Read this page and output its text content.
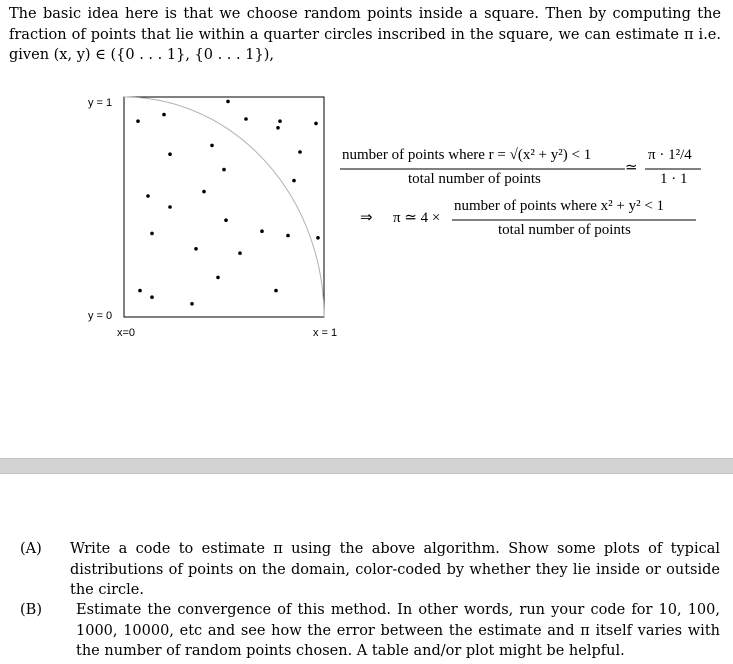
The basic idea here is that we choose random points inside a square. Then by computing the fraction of points that lie within a quarter circles inscribed in the square, we can estimate π i.e. given (x, y) ∈ ({0 . . . 1}, {0 . . . 1}),
y = 1
y = 0
x=0	x = 1
number of points where r = √(x² + y²) < 1
total number of points
≃
π · 1²/4
1 · 1
⇒ π ≃ 4 ×
number of points where x² + y² < 1
total number of points
(A) Write a code to estimate π using the above algorithm. Show some plots of typical distributions of points on the domain, color-coded by whether they lie inside or outside the circle.
(B) Estimate the convergence of this method. In other words, run your code for 10, 100, 1000, 10000, etc and see how the error between the estimate and π itself varies with the number of random points chosen. A table and/or plot might be helpful.
